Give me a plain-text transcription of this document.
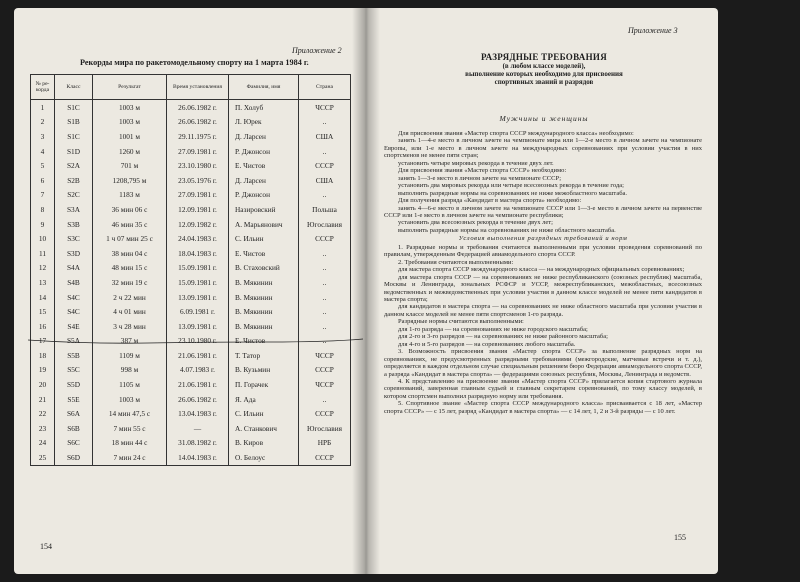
Приложение 2
Рекорды мира по ракетомодельному спорту на 1 марта 1984 г.
№ ре-корда	Класс	Результат	Время установления	Фамилия, имя	Страна
1	S1C	1003 м	26.06.1982 г.	П. Холуб	ЧССР
2	S1B	1003 м	26.06.1982 г.	Л. Юрек	..
3	S1C	1001 м	29.11.1975 г.	Д. Ларсен	США
4	S1D	1260 м	27.09.1981 г.	Р. Джонсон	..
5	S2A	701 м	23.10.1980 г.	Е. Чистов	СССР
6	S2B	1208,795 м	23.05.1976 г.	Д. Ларсен	США
7	S2C	1183 м	27.09.1981 г.	Р. Джонсон	..
8	S3A	36 мин 06 с	12.09.1981 г.	Назировский	Польша
9	S3B	46 мин 35 с	12.09.1982 г.	А. Марьянович	Югославия
10	S3C	1 ч 07 мин 25 с	24.04.1983 г.	С. Ильин	СССР
11	S3D	38 мин 04 с	18.04.1983 г.	Е. Чистов	..
12	S4A	48 мин 15 с	15.09.1981 г.	В. Стаховский	..
13	S4B	32 мин 19 с	15.09.1981 г.	В. Мякинин	..
14	S4C	2 ч 22 мин	13.09.1981 г.	В. Мякинин	..
15	S4C	4 ч 01 мин	6.09.1981 г.	В. Мякинин	..
16	S4E	3 ч 28 мин	13.09.1981 г.	В. Мякинин	..
17	S5A	387 м	23.10.1980 г.	Е. Чистов	..
18	S5B	1109 м	21.06.1981 г.	Т. Татор	ЧССР
19	S5C	998 м	4.07.1983 г.	В. Кузьмин	СССР
20	S5D	1105 м	21.06.1981 г.	П. Горачек	ЧССР
21	S5E	1003 м	26.06.1982 г.	Я. Ада	..
22	S6A	14 мин 47,5 с	13.04.1983 г.	С. Ильин	СССР
23	S6B	7 мин 55 с	—	А. Станкович	Югославия
24	S6C	18 мин 44 с	31.08.1982 г.	В. Киров	НРБ
25	S6D	7 мин 24 с	14.04.1983 г.	О. Белоус	СССР
154
Приложение 3
РАЗРЯДНЫЕ ТРЕБОВАНИЯ
(в любом классе моделей),
выполнение которых необходимо для присвоения
спортивных званий и разрядов
Мужчины и женщины

Для присвоения звания «Мастер спорта СССР международного класса» необходимо:

занять 1—4-е место в личном зачете на чемпионате мира или 1—2-е место в личном зачете на чемпионате Европы, или 1-е место в личном зачете на международных соревнованиях при условии участия в них спортсменов не менее пяти стран;

установить четыре мировых рекорда в течение двух лет.

Для присвоения звания «Мастер спорта СССР» необходимо:

занять 1—3-е место в личном зачете на чемпионате СССР;

установить два мировых рекорда или четыре всесоюзных рекорда в течение года;

выполнить разрядные нормы на соревнованиях не ниже межобластного масштаба.

Для получения разряда «Кандидат в мастера спорта» необходимо:

занять 4—6-е место в личном зачете на чемпионате СССР или 1—3-е место в личном зачете на первенстве СССР или 1-е место в личном зачете на чемпионате республики;

установить два всесоюзных рекорда в течение двух лет;

выполнить разрядные нормы на соревнованиях не ниже областного масштаба.

Условия выполнения разрядных требований и норм

1. Разрядные нормы и требования считаются выполненными при условии проведения соревнований по правилам, утвержденным Федерацией авиамодельного спорта СССР.

2. Требования считаются выполненными:

для мастера спорта СССР международного класса — на международных официальных соревнованиях;

для мастера спорта СССР — на соревнованиях не ниже республиканского (союзных республик) масштаба, Москвы и Ленинграда, зональных РСФСР и УССР, межреспубликанских, межобластных, всесоюзных ведомственных и межведомственных при условии участия в данном классе моделей не менее пяти кандидатов в мастера спорта;

для кандидатов в мастера спорта — на соревнованиях не ниже областного масштаба при условии участия в данном классе моделей не менее пяти спортсменов 1-го разряда.

Разрядные нормы считаются выполненными:

для 1-го разряда — на соревнованиях не ниже городского масштаба;

для 2-го и 3-го разрядов — на соревнованиях не ниже районного масштаба;

для 4-го и 5-го разрядов — на соревнованиях любого масштаба.

3. Возможность присвоения звания «Мастер спорта СССР» за выполнение разрядных норм на соревнованиях, не предусмотренных разрядными требованиями (межгородские, матчевые встречи и т. д.), определяется в каждом отдельном случае специальным решением бюро Федерации авиамодельного спорта СССР, а разряда «Кандидат в мастера спорта» — федерациями союзных республик, Москвы, Ленинграда и ведомств.

4. К представлению на присвоение звания «Мастер спорта СССР» прилагается копия стартового журнала соревнований, заверенная главным судьей и главным секретарем соревнований, по тому классу моделей, в котором спортсмен выполнил разрядную норму или требования.

5. Спортивное звание «Мастер спорта СССР международного класса» присваивается с 18 лет, «Мастер спорта СССР» — с 15 лет, разряд «Кандидат в мастера спорта» — с 14 лет, 1, 2 и 3-й разряды — с 10 лет.

155
